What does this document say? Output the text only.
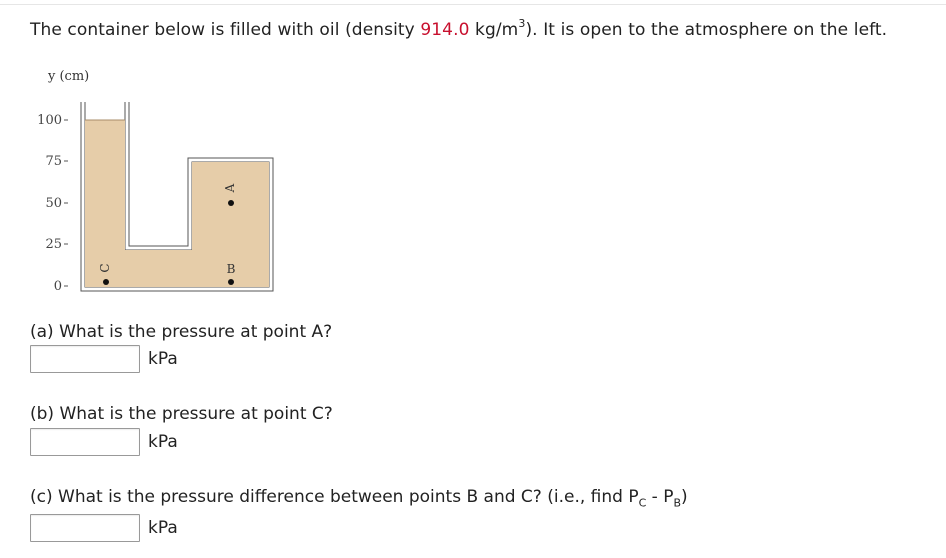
The container below is filled with oil (density 914.0 $kg/m^3$). It is open to the atmosphere on the left.
y (cm)
100
75
50
25
0
A
B
C
(a) What is the pressure at point A?
kPa
(b) What is the pressure at point C?
kPa
(c) What is the pressure difference between points B and C? (i.e., find $P_C - P_B$)
kPa
